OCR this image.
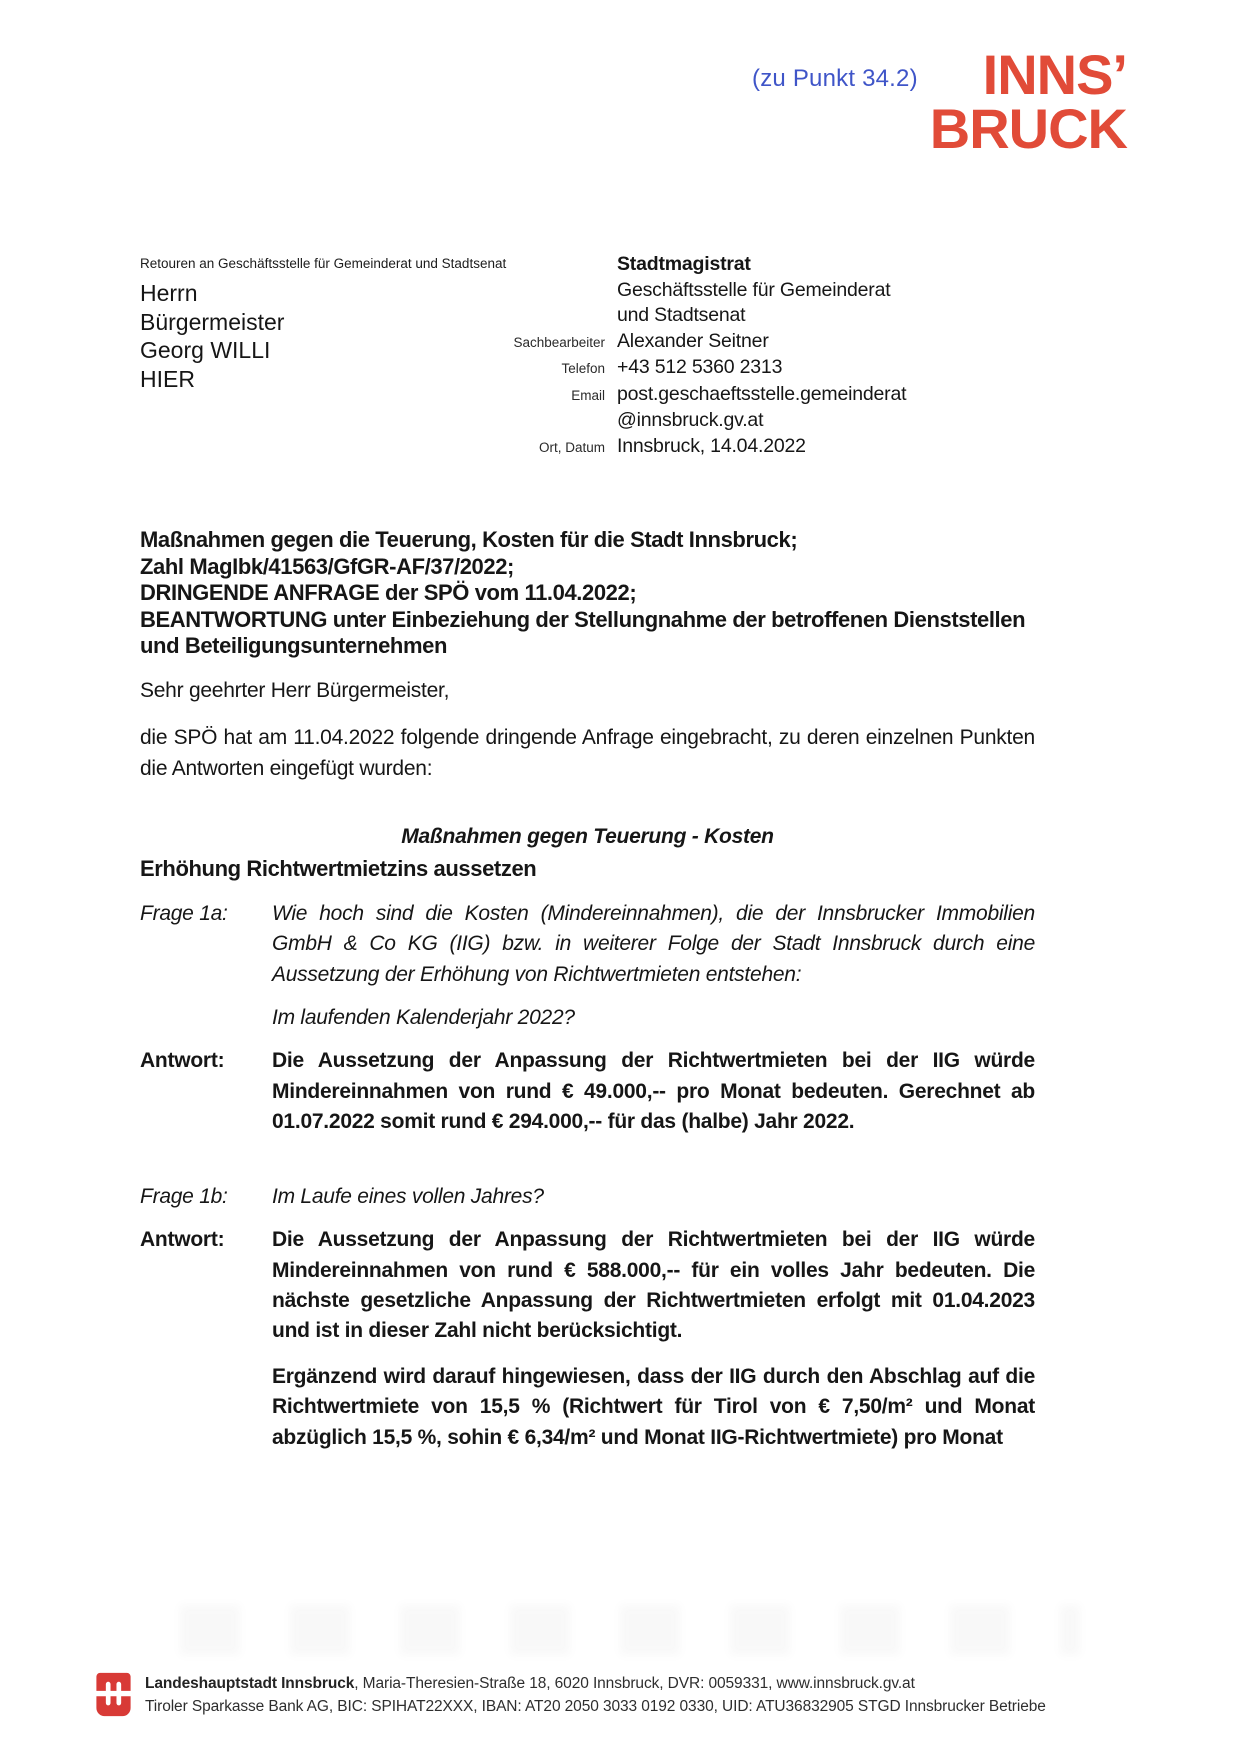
(zu Punkt 34.2)	INNS’
BRUCK
Retouren an Geschäftsstelle für Gemeinderat und Stadtsenat
Herrn
Bürgermeister
Georg WILLI
HIER
Stadtmagistrat
Geschäftsstelle für Gemeinderat
und Stadtsenat
Sachbearbeiter Alexander Seitner
Telefon +43 512 5360 2313
Email post.geschaeftsstelle.gemeinderat
@innsbruck.gv.at
Ort, Datum Innsbruck, 14.04.2022
Maßnahmen gegen die Teuerung, Kosten für die Stadt Innsbruck;
Zahl MagIbk/41563/GfGR-AF/37/2022;
DRINGENDE ANFRAGE der SPÖ vom 11.04.2022;
BEANTWORTUNG unter Einbeziehung der Stellungnahme der betroffenen Dienststellen
und Beteiligungsunternehmen

Sehr geehrter Herr Bürgermeister,

die SPÖ hat am 11.04.2022 folgende dringende Anfrage eingebracht, zu deren einzelnen Punkten die Antworten eingefügt wurden:

Maßnahmen gegen Teuerung - Kosten

Erhöhung Richtwertmietzins aussetzen

Frage 1a:	Wie hoch sind die Kosten (Mindereinnahmen), die der Innsbrucker Immobilien GmbH & Co KG (IIG) bzw. in weiterer Folge der Stadt Innsbruck durch eine Aussetzung der Erhöhung von Richtwertmieten entstehen:

Im laufenden Kalenderjahr 2022?

Antwort:	Die Aussetzung der Anpassung der Richtwertmieten bei der IIG würde Mindereinnahmen von rund € 49.000,-- pro Monat bedeuten. Gerechnet ab 01.07.2022 somit rund € 294.000,-- für das (halbe) Jahr 2022.

Frage 1b:	Im Laufe eines vollen Jahres?

Antwort:	Die Aussetzung der Anpassung der Richtwertmieten bei der IIG würde Mindereinnahmen von rund € 588.000,-- für ein volles Jahr bedeuten. Die nächste gesetzliche Anpassung der Richtwertmieten erfolgt mit 01.04.2023 und ist in dieser Zahl nicht berücksichtigt.

Ergänzend wird darauf hingewiesen, dass der IIG durch den Abschlag auf die Richtwertmiete von 15,5 % (Richtwert für Tirol von € 7,50/m² und Monat abzüglich 15,5 %, sohin € 6,34/m² und Monat IIG-Richtwertmiete) pro Monat

Landeshauptstadt Innsbruck, Maria-Theresien-Straße 18, 6020 Innsbruck, DVR: 0059331, www.innsbruck.gv.at
Tiroler Sparkasse Bank AG, BIC: SPIHAT22XXX, IBAN: AT20 2050 3033 0192 0330, UID: ATU36832905 STGD Innsbrucker Betriebe
